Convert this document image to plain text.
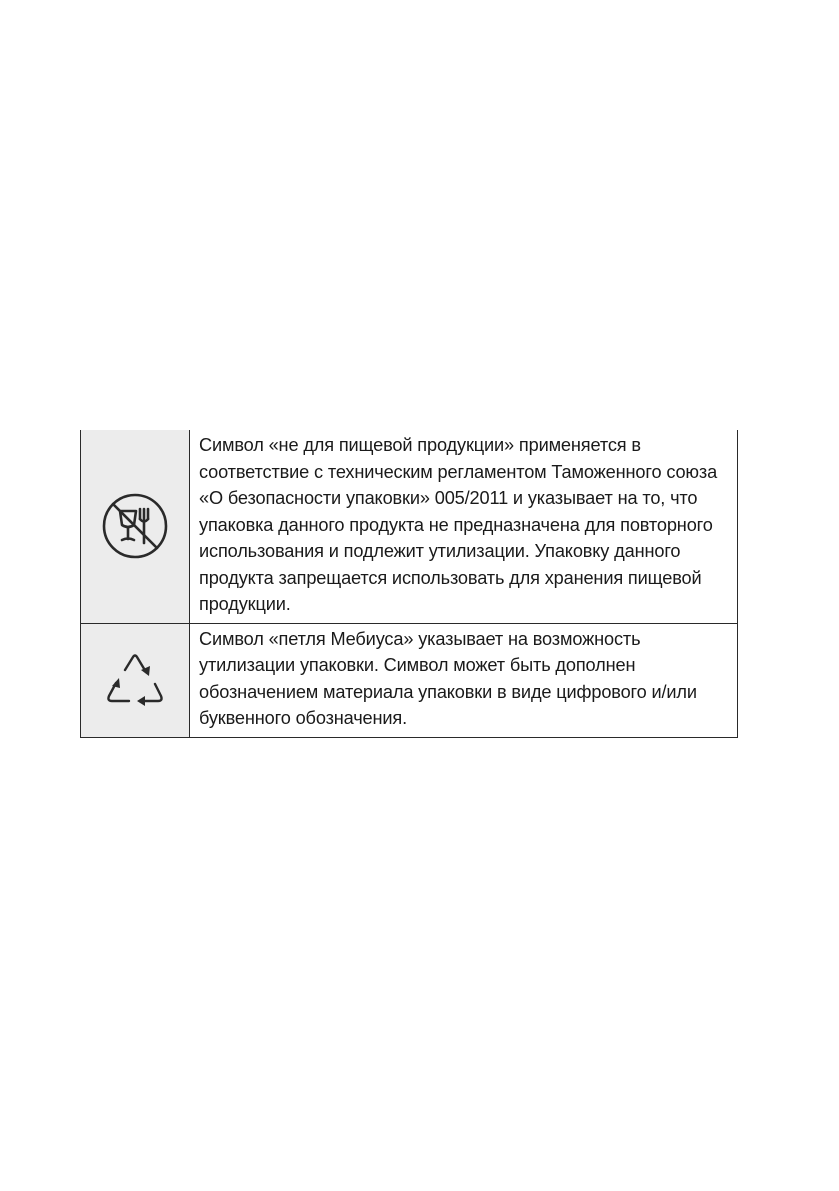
	Символ «не для пищевой продукции» применяется в соответствие с техническим регламентом Таможенного союза «О безопасности упаковки» 005/2011 и указывает на то, что упаковка данного продукта не предназначена для повторного использования и подлежит утилизации. Упаковку данного продукта запрещается использовать для хранения пищевой продукции.

	Символ «петля Мебиуса» указывает на возможность утилизации упаковки. Символ может быть дополнен обозначением материала упаковки в виде цифрового и/или буквенного обозначения.
